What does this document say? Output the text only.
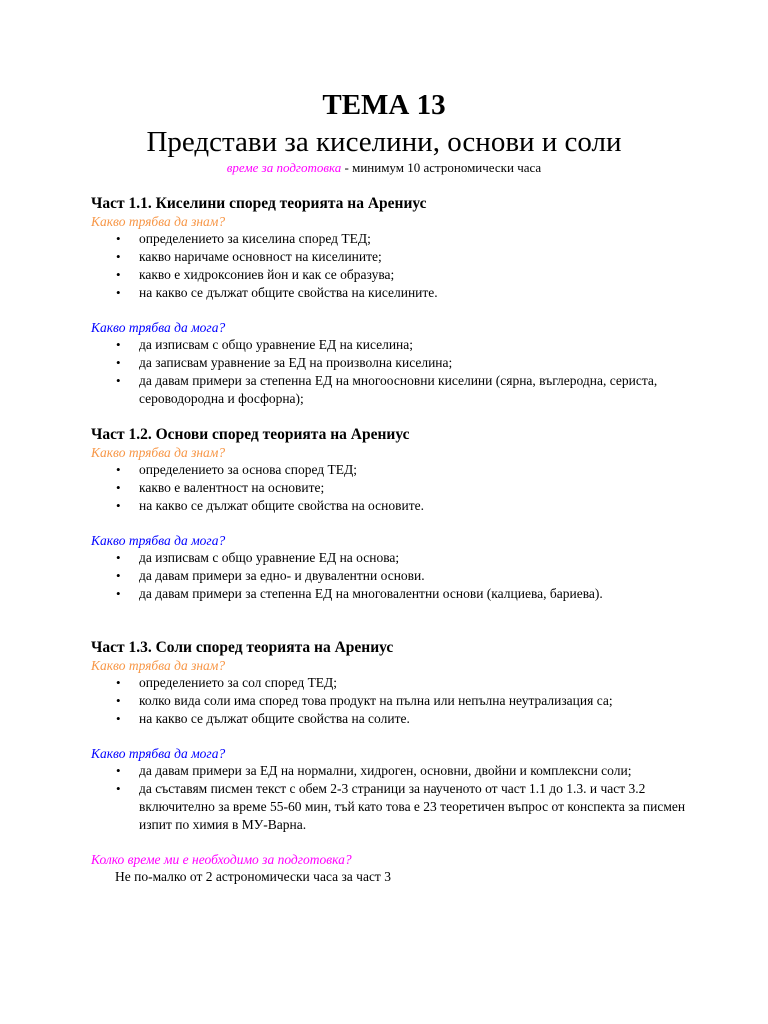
ТЕМА 13
Представи за киселини, основи и соли
време за подготовка - минимум 10 астрономически часа
Част 1.1. Киселини според теорията на Арениус
Какво трябва да знам?
• определението за киселина според ТЕД;
• какво наричаме основност на киселините;
• какво е хидроксониев йон и как се образува;
• на какво се дължат общите свойства на киселините.
Какво трябва да мога?
• да изписвам с общо уравнение ЕД на киселина;
• да записвам уравнение за ЕД на произволна киселина;
• да давам примери за степенна ЕД на многоосновни киселини (сярна, въглеродна, сериста, сероводородна и фосфорна);
Част 1.2. Основи според теорията на Арениус
Какво трябва да знам?
• определението за основа според ТЕД;
• какво е валентност на основите;
• на какво се дължат общите свойства на основите.
Какво трябва да мога?
• да изписвам с общо уравнение ЕД на основа;
• да давам примери за едно- и двувалентни основи.
• да давам примери за степенна ЕД на многовалентни основи (калциева, бариева).
Част 1.3. Соли според теорията на Арениус
Какво трябва да знам?
• определението за сол според ТЕД;
• колко вида соли има според това продукт на пълна или непълна неутрализация са;
• на какво се дължат общите свойства на солите.
Какво трябва да мога?
• да давам примери за ЕД на нормални, хидроген, основни, двойни и комплексни соли;
• да съставям писмен текст с обем 2-3 страници за наученото от част 1.1 до 1.3. и част 3.2 включително за време 55-60 мин, тъй като това е 23 теоретичен въпрос от конспекта за писмен изпит по химия в МУ-Варна.
Колко време ми е необходимо за подготовка?
Не по-малко от 2 астрономически часа за част 3
